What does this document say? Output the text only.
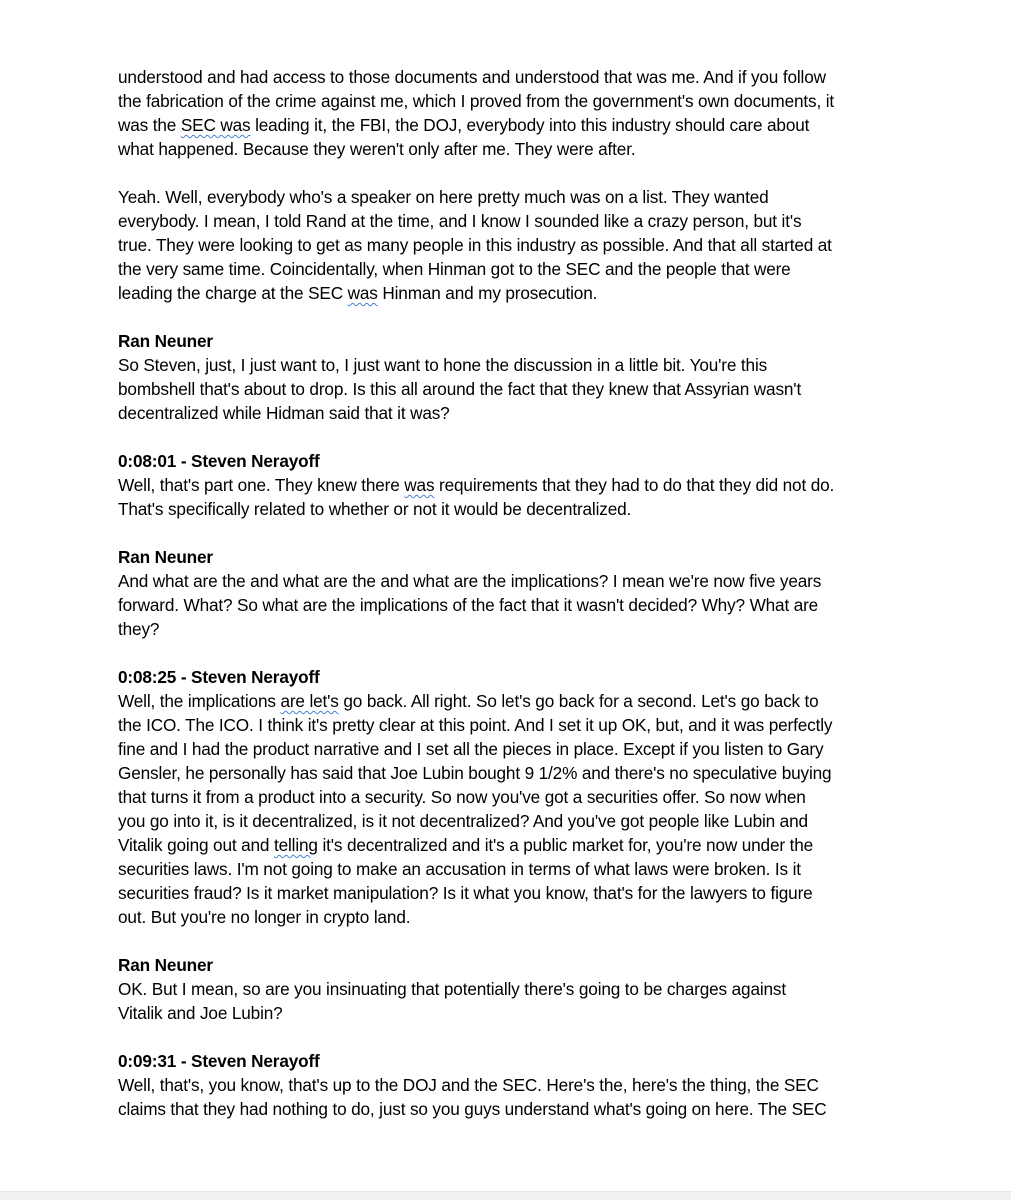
understood and had access to those documents and understood that was me. And if you follow
the fabrication of the crime against me, which I proved from the government's own documents, it
was the SEC was leading it, the FBI, the DOJ, everybody into this industry should care about
what happened. Because they weren't only after me. They were after.
Yeah. Well, everybody who's a speaker on here pretty much was on a list. They wanted
everybody. I mean, I told Rand at the time, and I know I sounded like a crazy person, but it's
true. They were looking to get as many people in this industry as possible. And that all started at
the very same time. Coincidentally, when Hinman got to the SEC and the people that were
leading the charge at the SEC was Hinman and my prosecution.
Ran Neuner
So Steven, just, I just want to, I just want to hone the discussion in a little bit. You're this
bombshell that's about to drop. Is this all around the fact that they knew that Assyrian wasn't
decentralized while Hidman said that it was?
0:08:01 - Steven Nerayoff
Well, that's part one. They knew there was requirements that they had to do that they did not do.
That's specifically related to whether or not it would be decentralized.
Ran Neuner
And what are the and what are the and what are the implications? I mean we're now five years
forward. What? So what are the implications of the fact that it wasn't decided? Why? What are
they?
0:08:25 - Steven Nerayoff
Well, the implications are let's go back. All right. So let's go back for a second. Let's go back to
the ICO. The ICO. I think it's pretty clear at this point. And I set it up OK, but, and it was perfectly
fine and I had the product narrative and I set all the pieces in place. Except if you listen to Gary
Gensler, he personally has said that Joe Lubin bought 9 1/2% and there's no speculative buying
that turns it from a product into a security. So now you've got a securities offer. So now when
you go into it, is it decentralized, is it not decentralized? And you've got people like Lubin and
Vitalik going out and telling it's decentralized and it's a public market for, you're now under the
securities laws. I'm not going to make an accusation in terms of what laws were broken. Is it
securities fraud? Is it market manipulation? Is it what you know, that's for the lawyers to figure
out. But you're no longer in crypto land.
Ran Neuner
OK. But I mean, so are you insinuating that potentially there's going to be charges against
Vitalik and Joe Lubin?
0:09:31 - Steven Nerayoff
Well, that's, you know, that's up to the DOJ and the SEC. Here's the, here's the thing, the SEC
claims that they had nothing to do, just so you guys understand what's going on here. The SEC
